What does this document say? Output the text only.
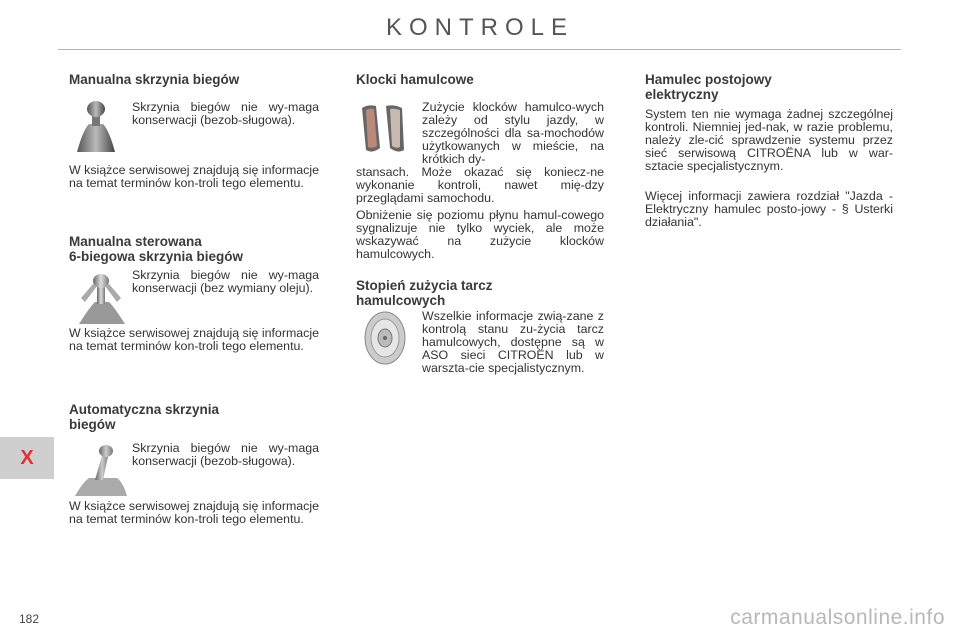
KONTROLE
Manualna skrzynia biegów

Skrzynia biegów nie wy-maga konserwacji (bezob-sługowa).

W książce serwisowej znajdują się informacje na temat terminów kon-troli tego elementu.

Manualna sterowana
6-biegowa skrzynia biegów

Skrzynia biegów nie wy-maga konserwacji (bez wymiany oleju).

W książce serwisowej znajdują się informacje na temat terminów kon-troli tego elementu.

Automatyczna skrzynia
biegów

Skrzynia biegów nie wy-maga konserwacji (bezob-sługowa).

W książce serwisowej znajdują się informacje na temat terminów kon-troli tego elementu.

Klocki hamulcowe

Zużycie klocków hamulco-wych zależy od stylu jazdy, w szczególności dla sa-mochodów użytkowanych w mieście, na krótkich dy-

stansach. Może okazać się koniecz-ne wykonanie kontroli, nawet mię-dzy przeglądami samochodu.

Obniżenie się poziomu płynu hamul-cowego sygnalizuje nie tylko wyciek, ale może wskazywać na zużycie klocków hamulcowych.

Stopień zużycia tarcz
hamulcowych

Wszelkie informacje zwią-zane z kontrolą stanu zu-życia tarcz hamulcowych, dostępne są w ASO sieci CITROËN lub w warszta-cie specjalistycznym.

Hamulec postojowy
elektryczny

System ten nie wymaga żadnej szczególnej kontroli. Niemniej jed-nak, w razie problemu, należy zle-cić sprawdzenie systemu przez sieć serwisową CITROËNA lub w war-sztacie specjalistycznym.

Więcej informacji zawiera rozdział "Jazda - Elektryczny hamulec posto-jowy - § Usterki działania".

X
182	carmanualsonline.info
